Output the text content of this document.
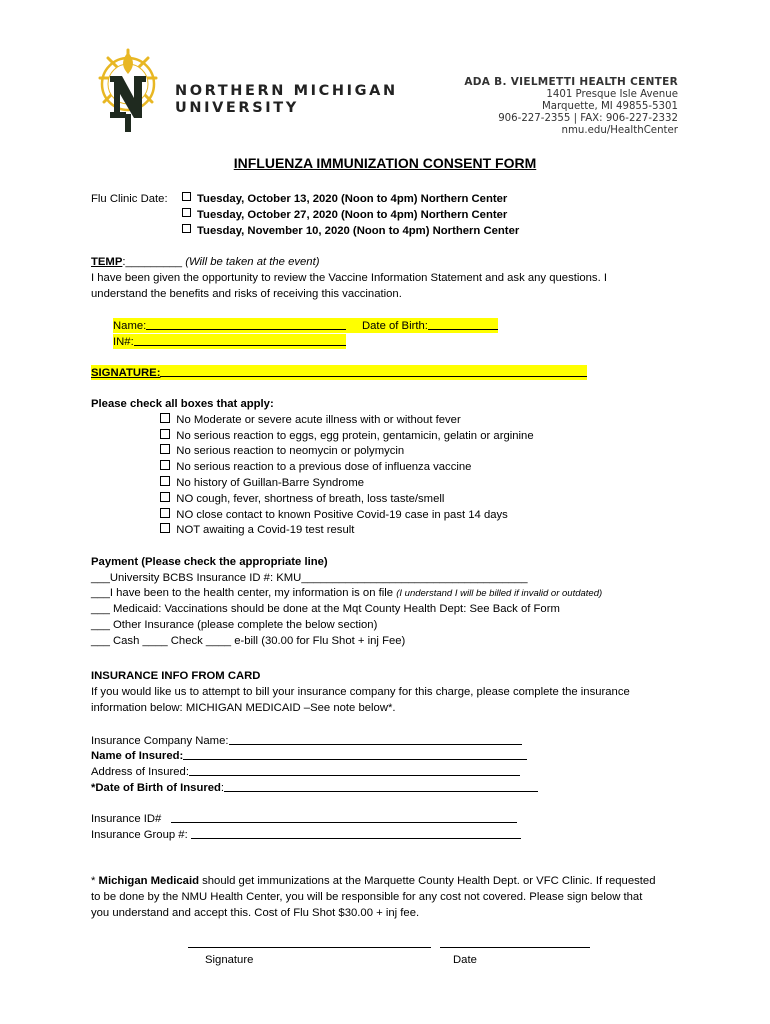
NORTHERN MICHIGAN
UNIVERSITY
ADA B. VIELMETTI HEALTH CENTER
1401 Presque Isle Avenue
Marquette, MI 49855-5301
906-227-2355 | FAX: 906-227-2332
nmu.edu/HealthCenter
INFLUENZA IMMUNIZATION CONSENT FORM
Flu Clinic Date:	Tuesday, October 13, 2020 (Noon to 4pm) Northern Center
Tuesday, October 27, 2020 (Noon to 4pm) Northern Center
Tuesday, November 10, 2020 (Noon to 4pm) Northern Center
TEMP:_________ (Will be taken at the event)
I have been given the opportunity to review the Vaccine Information Statement and ask any questions. I
understand the benefits and risks of receiving this vaccination.
Name:	Date of Birth:
IN#:
SIGNATURE:
Please check all boxes that apply:
No Moderate or severe acute illness with or without fever
No serious reaction to eggs, egg protein, gentamicin, gelatin or arginine
No serious reaction to neomycin or polymycin
No serious reaction to a previous dose of influenza vaccine
No history of Guillan-Barre Syndrome
NO cough, fever, shortness of breath, loss taste/smell
NO close contact to known Positive Covid-19 case in past 14 days
NOT awaiting a Covid-19 test result
Payment (Please check the appropriate line)
___University BCBS Insurance ID #: KMU____________________________________
___I have been to the health center, my information is on file (I understand I will be billed if invalid or outdated)
___ Medicaid: Vaccinations should be done at the Mqt County Health Dept: See Back of Form
___ Other Insurance (please complete the below section)
___ Cash ____ Check ____ e-bill (30.00 for Flu Shot + inj Fee)
INSURANCE INFO FROM CARD
If you would like us to attempt to bill your insurance company for this charge, please complete the insurance
information below: MICHIGAN MEDICAID –See note below*.
Insurance Company Name:
Name of Insured:
Address of Insured:
*Date of Birth of Insured:
Insurance ID#
Insurance Group #:
* Michigan Medicaid should get immunizations at the Marquette County Health Dept. or VFC Clinic. If requested
to be done by the NMU Health Center, you will be responsible for any cost not covered. Please sign below that
you understand and accept this. Cost of Flu Shot $30.00 + inj fee.
Signature	Date
